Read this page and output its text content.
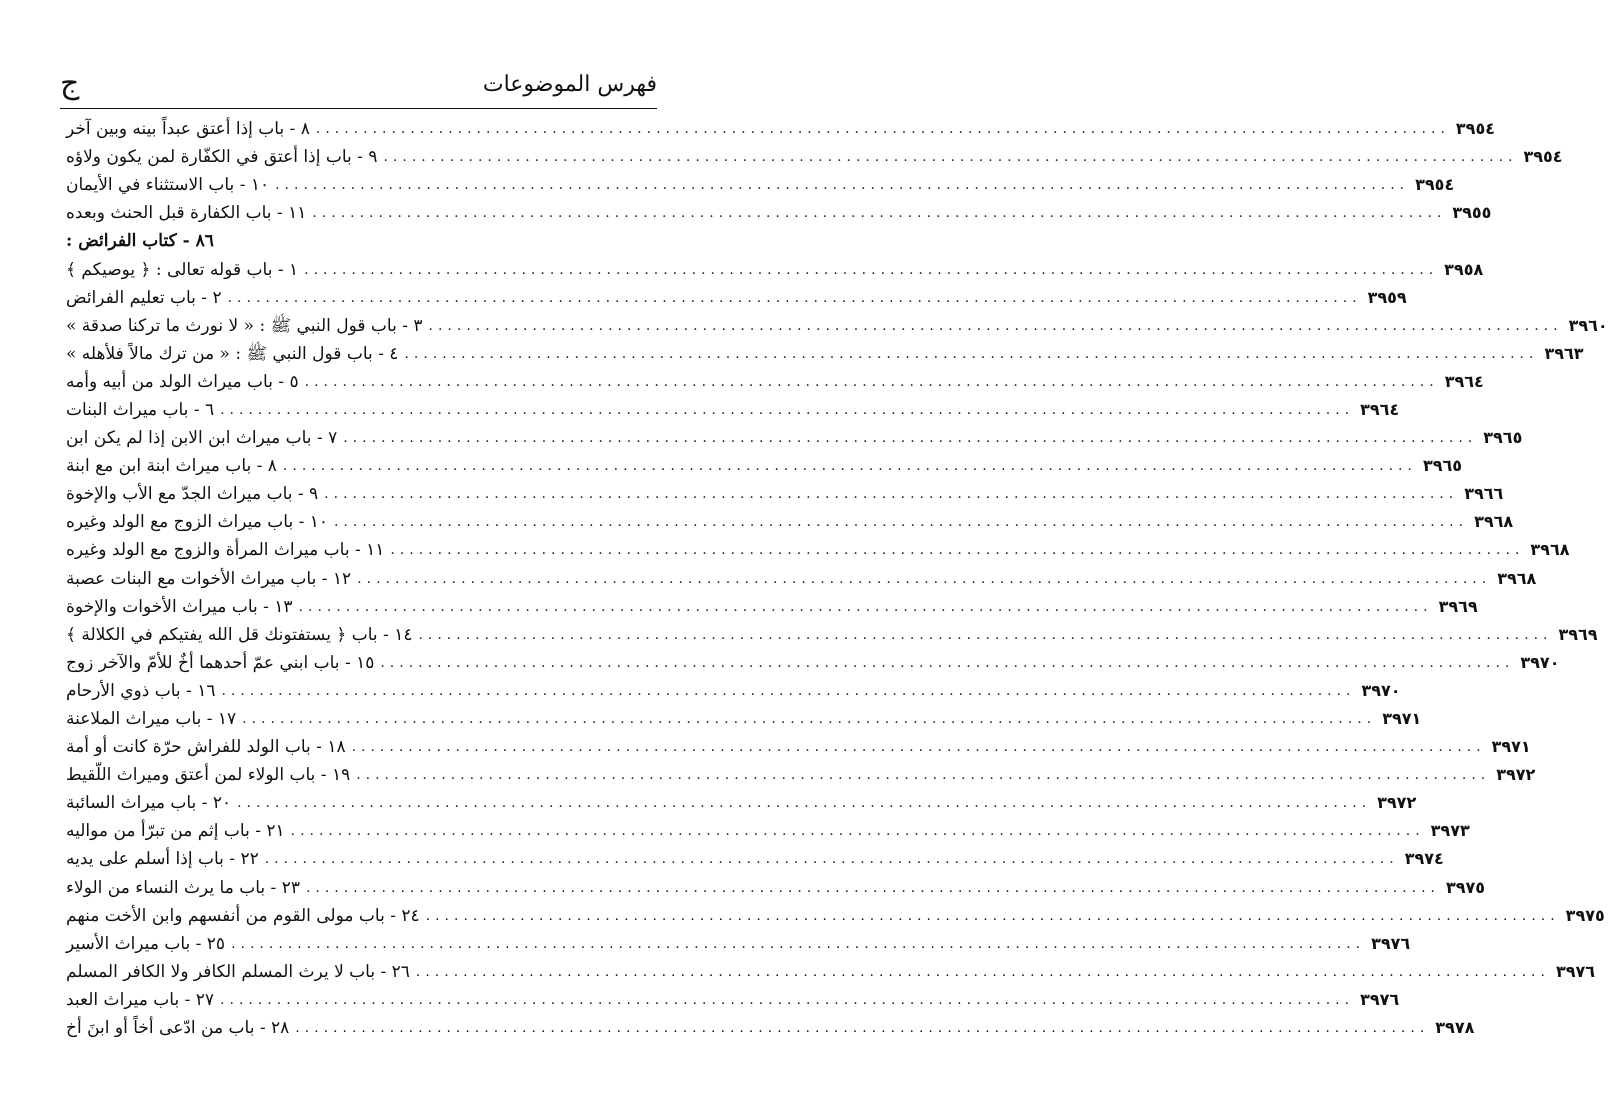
فهرس الموضوعات
ج
٨ - باب إذا أعتق عبداً بينه وبين آخر ........................................................................................................................ ٣٩٥٤
٩ - باب إذا أعتق في الكفّارة لمن يكون ولاؤه ........................................................................................................................ ٣٩٥٤
١٠ - باب الاستثناء في الأيمان ........................................................................................................................ ٣٩٥٤
١١ - باب الكفارة قبل الحنث وبعده ........................................................................................................................ ٣٩٥٥
٨٦ - كتاب الفرائض :
١ - باب قوله تعالى : ﴿ يوصيكم ﴾ ........................................................................................................................ ٣٩٥٨
٢ - باب تعليم الفرائض ........................................................................................................................ ٣٩٥٩
٣ - باب قول النبي ﷺ : « لا نورث ما تركنا صدقة » ........................................................................................................................ ٣٩٦٠
٤ - باب قول النبي ﷺ : « من ترك مالاً فلأهله » ........................................................................................................................ ٣٩٦٣
٥ - باب ميراث الولد من أبيه وأمه ........................................................................................................................ ٣٩٦٤
٦ - باب ميراث البنات ........................................................................................................................ ٣٩٦٤
٧ - باب ميراث ابن الابن إذا لم يكن ابن ........................................................................................................................ ٣٩٦٥
٨ - باب ميراث ابنة ابن مع ابنة ........................................................................................................................ ٣٩٦٥
٩ - باب ميراث الجدّ مع الأب والإخوة ........................................................................................................................ ٣٩٦٦
١٠ - باب ميراث الزوج مع الولد وغيره ........................................................................................................................ ٣٩٦٨
١١ - باب ميراث المرأة والزوج مع الولد وغيره ........................................................................................................................ ٣٩٦٨
١٢ - باب ميراث الأخوات مع البنات عصبة ........................................................................................................................ ٣٩٦٨
١٣ - باب ميراث الأخوات والإخوة ........................................................................................................................ ٣٩٦٩
١٤ - باب ﴿ يستفتونك قل الله يفتيكم في الكلالة ﴾ ........................................................................................................................ ٣٩٦٩
١٥ - باب ابني عمّ أحدهما أخٌ للأمّ والآخر زوج ........................................................................................................................ ٣٩٧٠
١٦ - باب ذوي الأرحام ........................................................................................................................ ٣٩٧٠
١٧ - باب ميراث الملاعنة ........................................................................................................................ ٣٩٧١
١٨ - باب الولد للفراش حرّة كانت أو أمة ........................................................................................................................ ٣٩٧١
١٩ - باب الولاء لمن أعتق وميراث اللّقيط ........................................................................................................................ ٣٩٧٢
٢٠ - باب ميراث السائبة ........................................................................................................................ ٣٩٧٢
٢١ - باب إثم من تبرّأ من مواليه ........................................................................................................................ ٣٩٧٣
٢٢ - باب إذا أسلم على يديه ........................................................................................................................ ٣٩٧٤
٢٣ - باب ما يرث النساء من الولاء ........................................................................................................................ ٣٩٧٥
٢٤ - باب مولى القوم من أنفسهم وابن الأخت منهم ........................................................................................................................ ٣٩٧٥
٢٥ - باب ميراث الأسير ........................................................................................................................ ٣٩٧٦
٢٦ - باب لا يرث المسلم الكافر ولا الكافر المسلم ........................................................................................................................ ٣٩٧٦
٢٧ - باب ميراث العبد ........................................................................................................................ ٣٩٧٦
٢٨ - باب من ادّعى أخاً أو ابنَ أخ ........................................................................................................................ ٣٩٧٨
